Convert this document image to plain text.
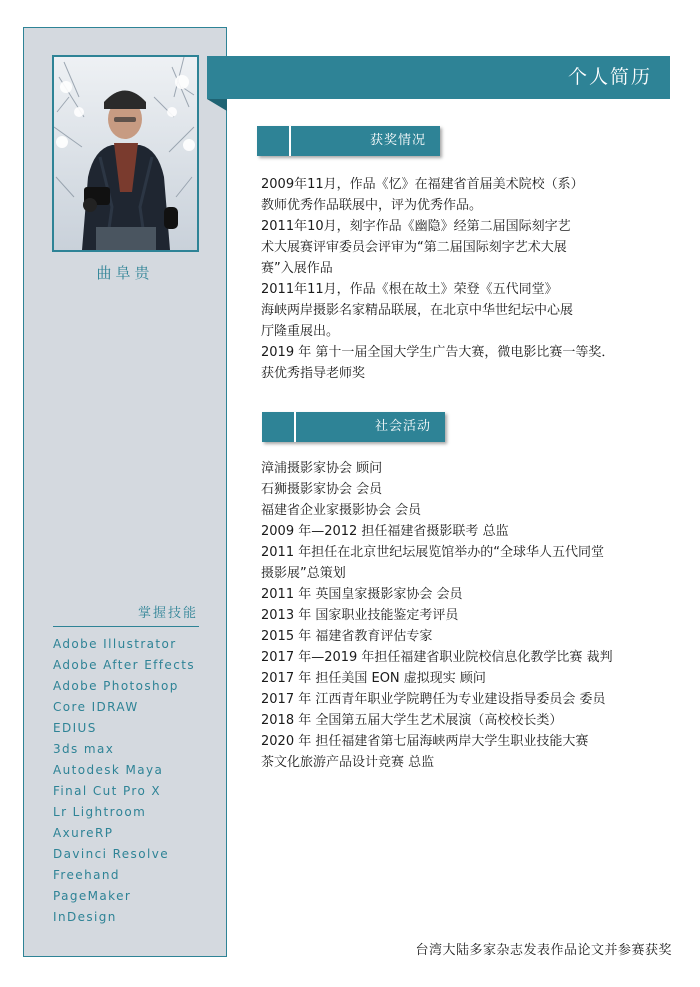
曲阜贵
掌握技能
Adobe Illustrator
Adobe After Effects
Adobe Photoshop
Core IDRAW
EDIUS
3ds max
Autodesk Maya
Final Cut Pro X
Lr Lightroom
AxureRP
Davinci Resolve
Freehand
PageMaker
InDesign
个人简历
获奖情况
2009年11月，作品《忆》在福建省首届美术院校（系）
教师优秀作品联展中，评为优秀作品。
2011年10月，刻字作品《幽隐》经第二届国际刻字艺
术大展赛评审委员会评审为“第二届国际刻字艺术大展
赛”入展作品
2011年11月，作品《根在故土》荣登《五代同堂》
海峡两岸摄影名家精品联展，在北京中华世纪坛中心展
厅隆重展出。
2019 年 第十一届全国大学生广告大赛，微电影比赛一等奖．
获优秀指导老师奖
社会活动
漳浦摄影家协会 顾问
石狮摄影家协会 会员
福建省企业家摄影协会 会员
2009 年—2012 担任福建省摄影联考 总监
2011 年担任在北京世纪坛展览馆举办的“全球华人五代同堂
摄影展”总策划
2011 年 英国皇家摄影家协会 会员
2013 年 国家职业技能鉴定考评员
2015 年 福建省教育评估专家
2017 年—2019 年担任福建省职业院校信息化教学比赛 裁判
2017 年 担任美国 EON 虚拟现实 顾问
2017 年 江西青年职业学院聘任为专业建设指导委员会 委员
2018 年 全国第五届大学生艺术展演（高校校长类）
2020 年 担任福建省第七届海峡两岸大学生职业技能大赛
茶文化旅游产品设计竞赛 总监
台湾大陆多家杂志发表作品论文并参赛获奖
